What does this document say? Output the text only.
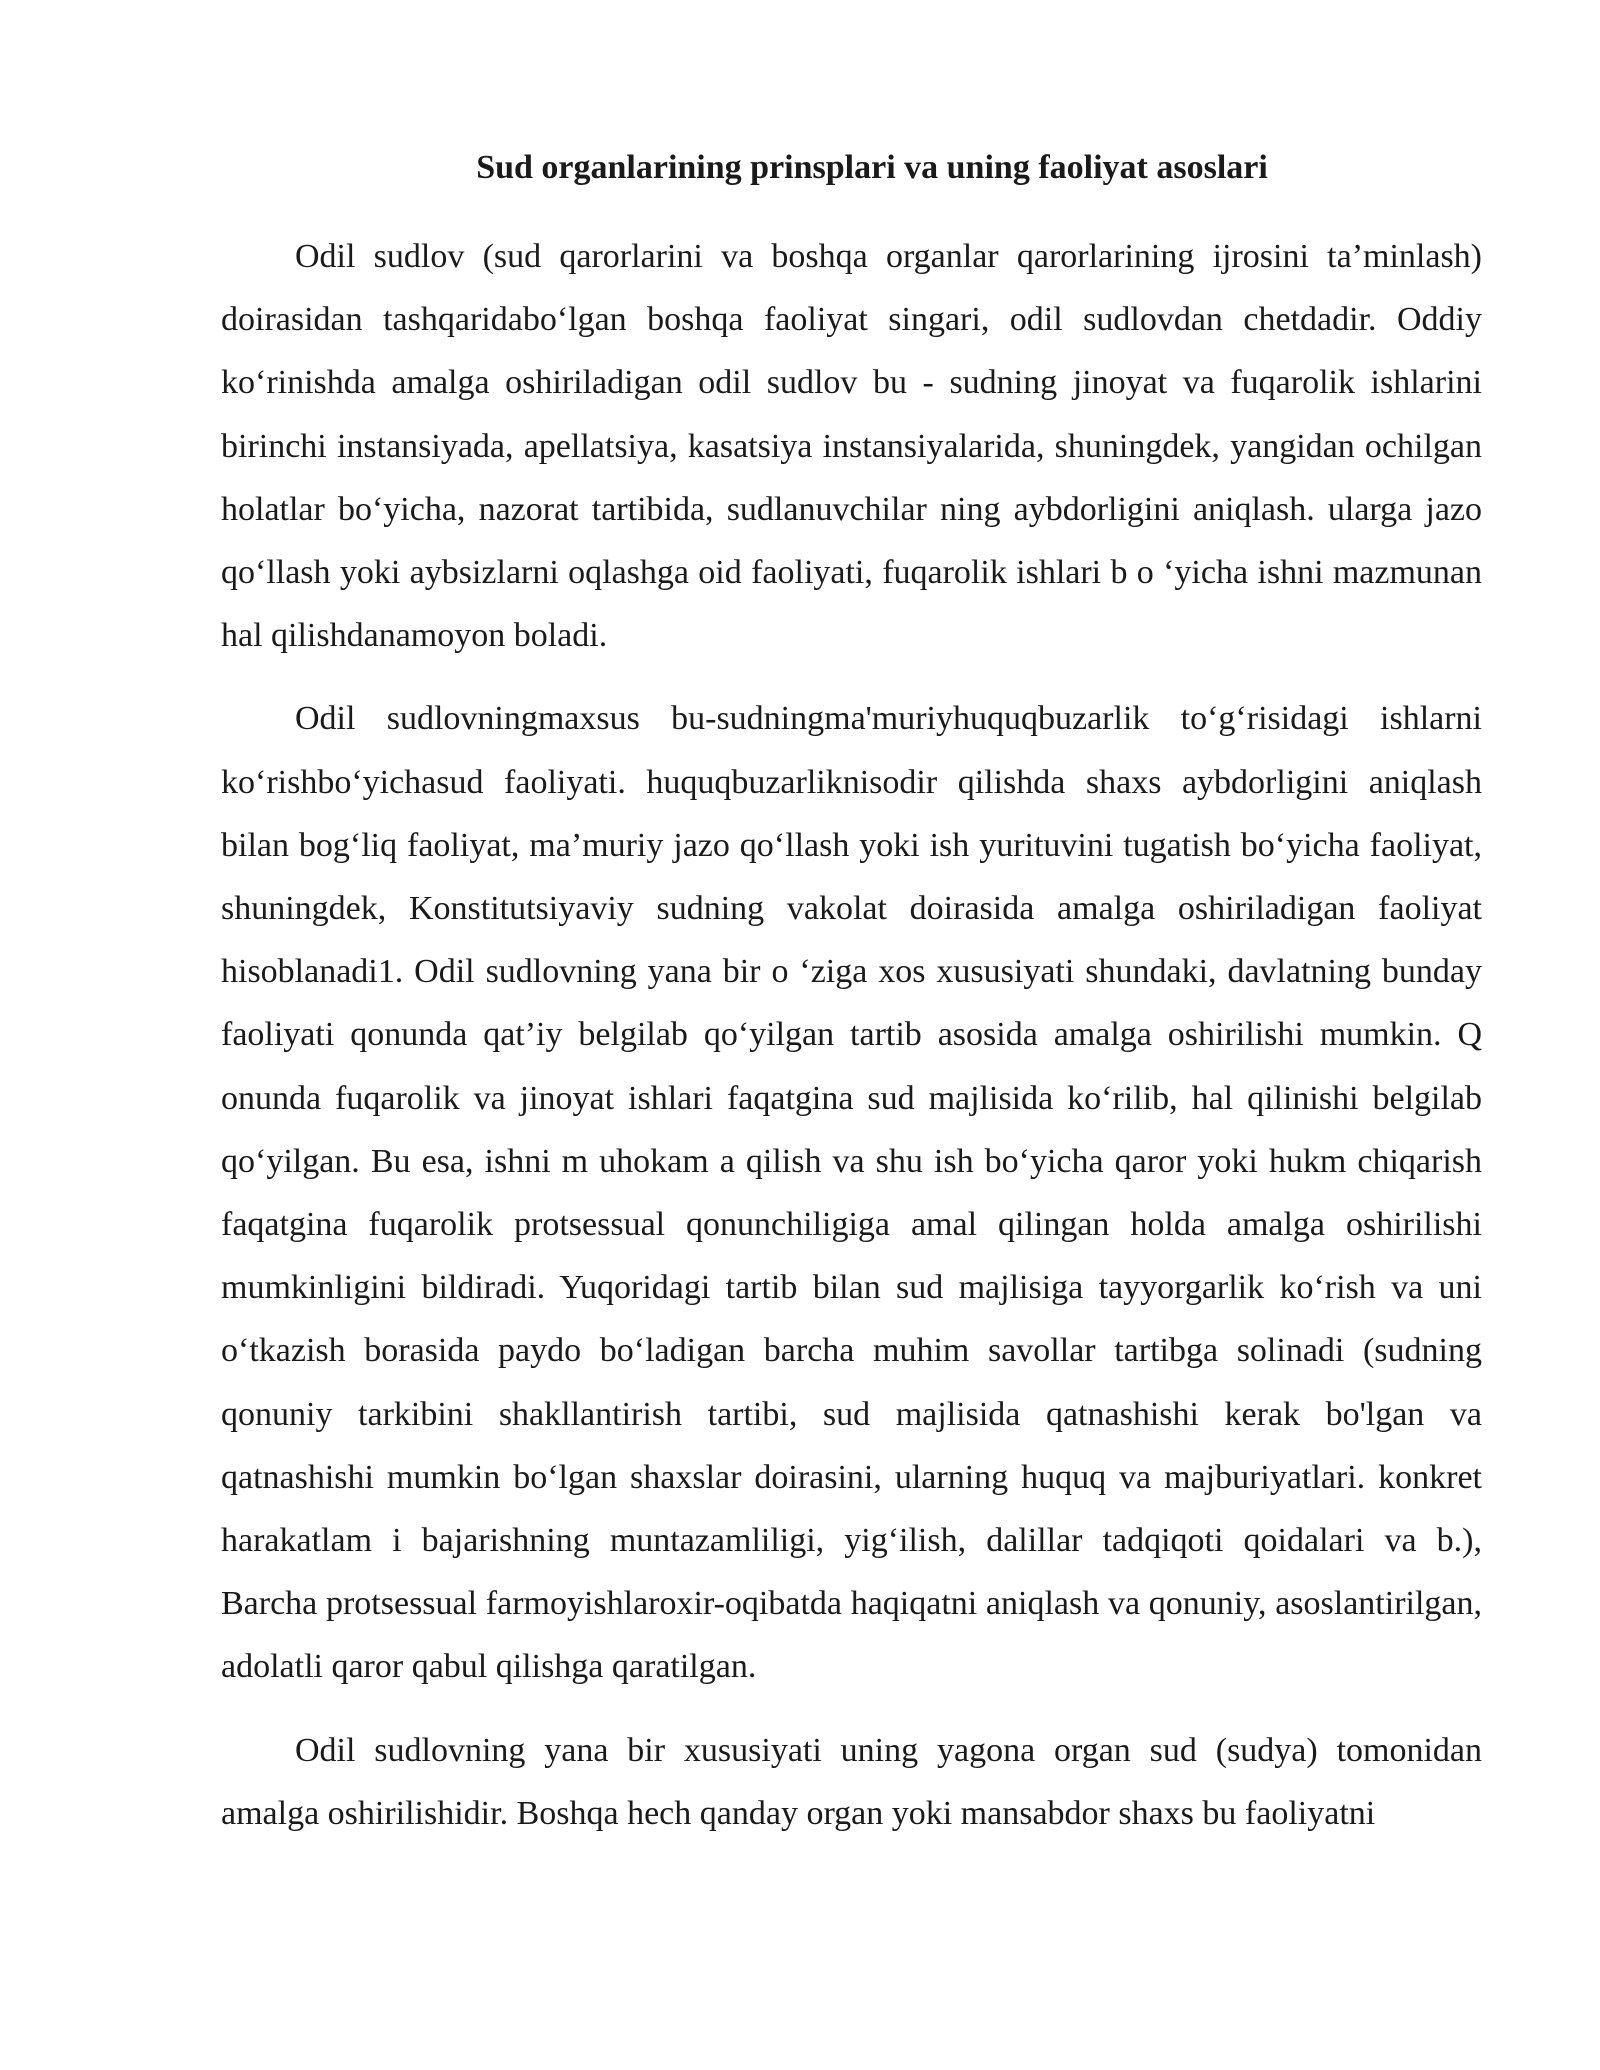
Sud organlarining prinsplari va uning faoliyat asoslari

Odil sudlov (sud qarorlarini va boshqa organlar qarorlarining ijrosini ta’minlash) doirasidan tashqaridabo‘lgan boshqa faoliyat singari, odil sudlovdan chetdadir. Oddiy ko‘rinishda amalga oshiriladigan odil sudlov bu - sudning jinoyat va fuqarolik ishlarini birinchi instansiyada, apellatsiya, kasatsiya instansiyalarida, shuningdek, yangidan ochilgan holatlar bo‘yicha, nazorat tartibida, sudlanuvchilar ning aybdorligini aniqlash. ularga jazo qo‘llash yoki aybsizlarni oqlashga oid faoliyati, fuqarolik ishlari b o ‘yicha ishni mazmunan hal qilishdanamoyon boladi.

Odil sudlovningmaxsus bu-sudningma'muriyhuquqbuzarlik to‘g‘risidagi ishlarni ko‘rishbo‘yichasud faoliyati. huquqbuzarliknisodir qilishda shaxs aybdorligini aniqlash bilan bog‘liq faoliyat, ma’muriy jazo qo‘llash yoki ish yurituvini tugatish bo‘yicha faoliyat, shuningdek, Konstitutsiyaviy sudning vakolat doirasida amalga oshiriladigan faoliyat hisoblanadi1. Odil sudlovning yana bir o ‘ziga xos xususiyati shundaki, davlatning bunday faoliyati qonunda qat’iy belgilab qo‘yilgan tartib asosida amalga oshirilishi mumkin. Q onunda fuqarolik va jinoyat ishlari faqatgina sud majlisida ko‘rilib, hal qilinishi belgilab qo‘yilgan. Bu esa, ishni m uhokam a qilish va shu ish bo‘yicha qaror yoki hukm chiqarish faqatgina fuqarolik protsessual qonunchiligiga amal qilingan holda amalga oshirilishi mumkinligini bildiradi. Yuqoridagi tartib bilan sud majlisiga tayyorgarlik ko‘rish va uni o‘tkazish borasida paydo bo‘ladigan barcha muhim savollar tartibga solinadi (sudning qonuniy tarkibini shakllantirish tartibi, sud majlisida qatnashishi kerak bo'lgan va qatnashishi mumkin bo‘lgan shaxslar doirasini, ularning huquq va majburiyatlari. konkret harakatlam i bajarishning muntazamliligi, yig‘ilish, dalillar tadqiqoti qoidalari va b.), Barcha protsessual farmoyishlaroxir-oqibatda haqiqatni aniqlash va qonuniy, asoslantirilgan, adolatli qaror qabul qilishga qaratilgan.

Odil sudlovning yana bir xususiyati uning yagona organ sud (sudya) tomonidan amalga oshirilishidir. Boshqa hech qanday organ yoki mansabdor shaxs bu faoliyatni
